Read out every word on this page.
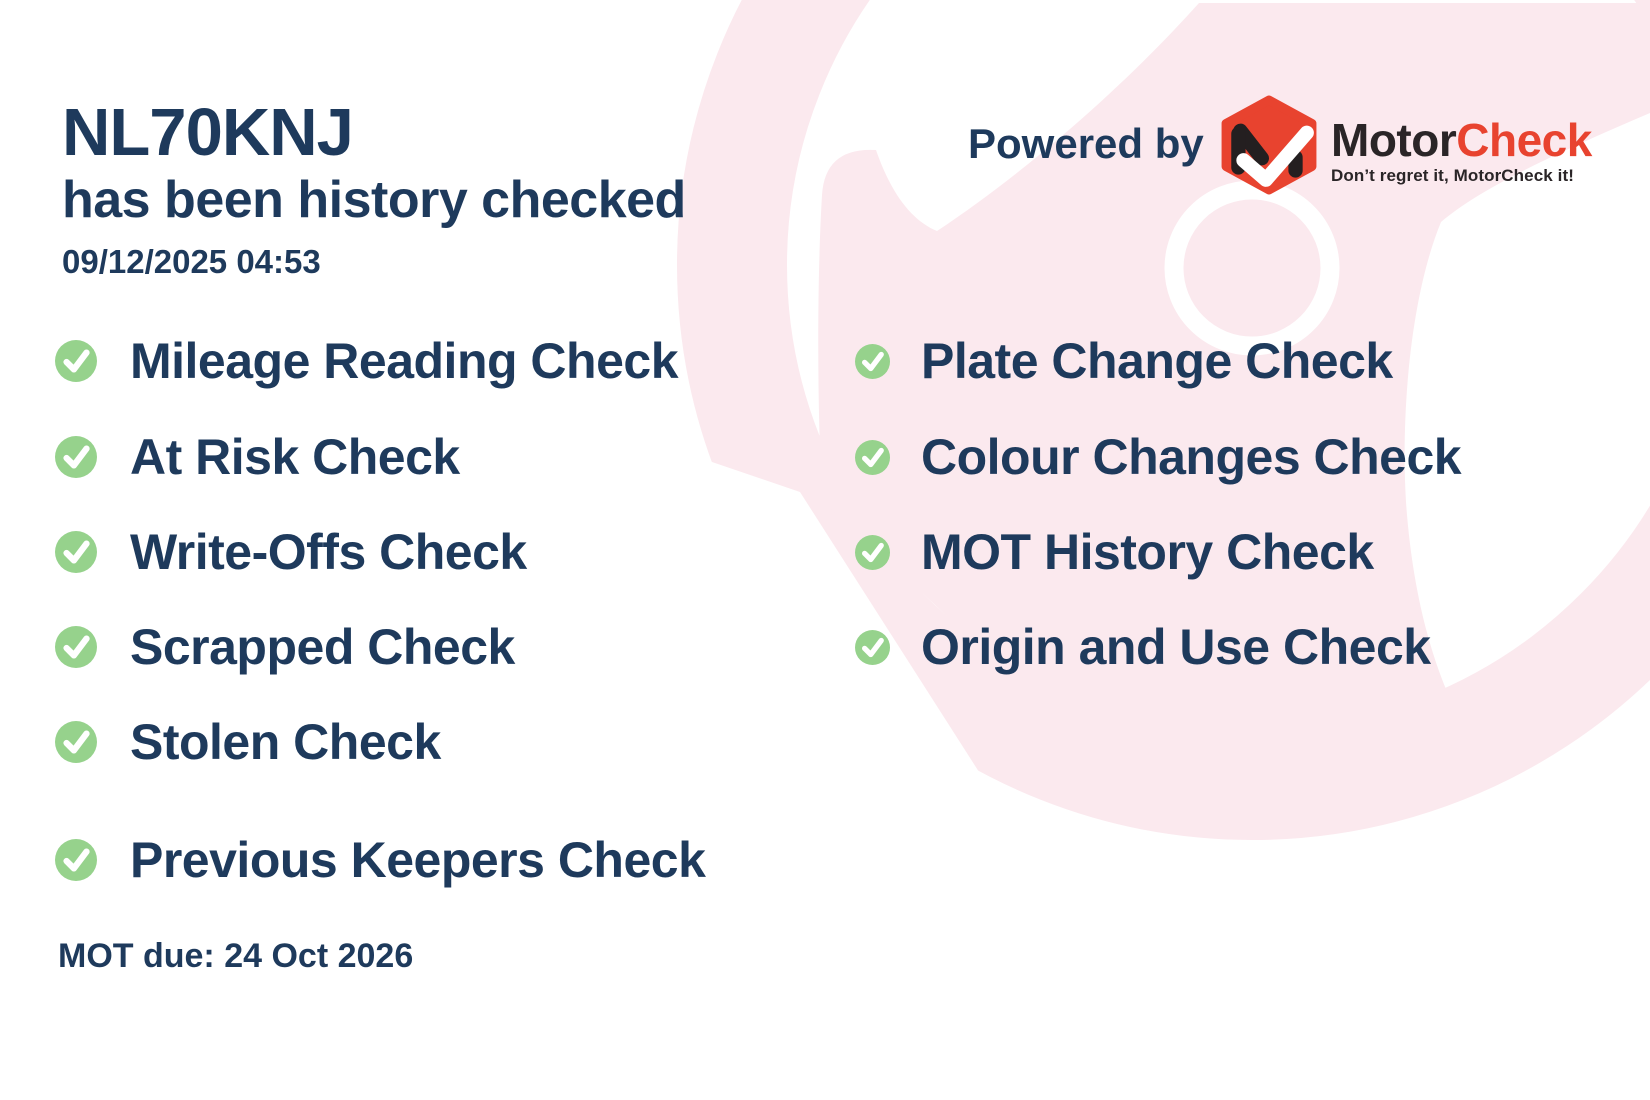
NL70KNJ
has been history checked
09/12/2025 04:53
Powered by	MotorCheck
Don’t regret it, MotorCheck it!
Mileage Reading Check
At Risk Check
Write-Offs Check
Scrapped Check
Stolen Check
Previous Keepers Check
Plate Change Check
Colour Changes Check
MOT History Check
Origin and Use Check
MOT due: 24 Oct 2026
